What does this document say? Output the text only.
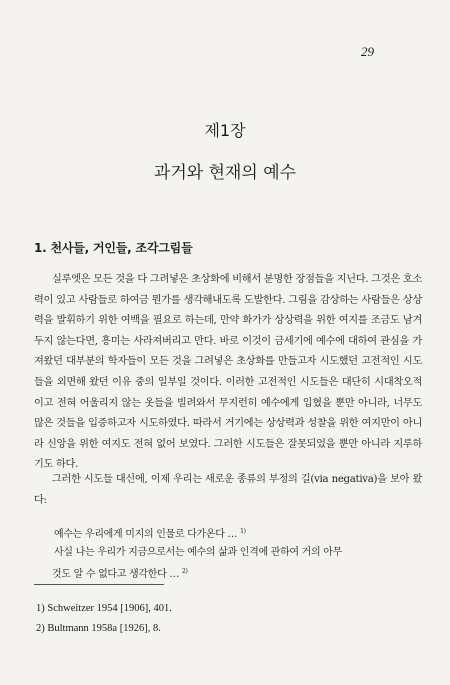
29
제1장
과거와 현재의 예수
1. 천사들, 거인들, 조각그림들
실루엣은 모든 것을 다 그려넣은 초상화에 비해서 분명한 장점들을 지닌다. 그것은 호소력이 있고 사람들로 하여금 뭔가를 생각해내도록 도발한다. 그림을 감상하는 사람들은 상상력을 발휘하기 위한 여백을 필요로 하는데, 만약 화가가 상상력을 위한 여지를 조금도 남겨두지 않는다면, 흥미는 사라져버리고 만다. 바로 이것이 금세기에 예수에 대하여 관심을 가져왔던 대부분의 학자들이 모든 것을 그려넣은 초상화를 만들고자 시도했던 고전적인 시도들을 외면해 왔던 이유 중의 일부일 것이다. 이러한 고전적인 시도들은 대단히 시대착오적이고 전혀 어울리지 않는 옷들을 빌려와서 무지런히 예수에게 입혔을 뿐만 아니라, 너무도 많은 것들을 입증하고자 시도하였다. 따라서 거기에는 상상력과 성찰을 위한 여지만이 아니라 신앙을 위한 여지도 전혀 없어 보였다. 그러한 시도들은 잘못되었을 뿐만 아니라 지루하기도 하다.
그러한 시도들 대신에, 이제 우리는 새로운 종류의 부정의 길(via negativa)을 보아 왔다:
예수는 우리에게 미지의 인물로 다가온다 … $^{1)}$
사실 나는 우리가 지금으로서는 예수의 삶과 인격에 관하여 거의 아무
것도 알 수 없다고 생각한다 … $^{2)}$
1) Schweitzer 1954 [1906], 401.
2) Bultmann 1958a [1926], 8.
